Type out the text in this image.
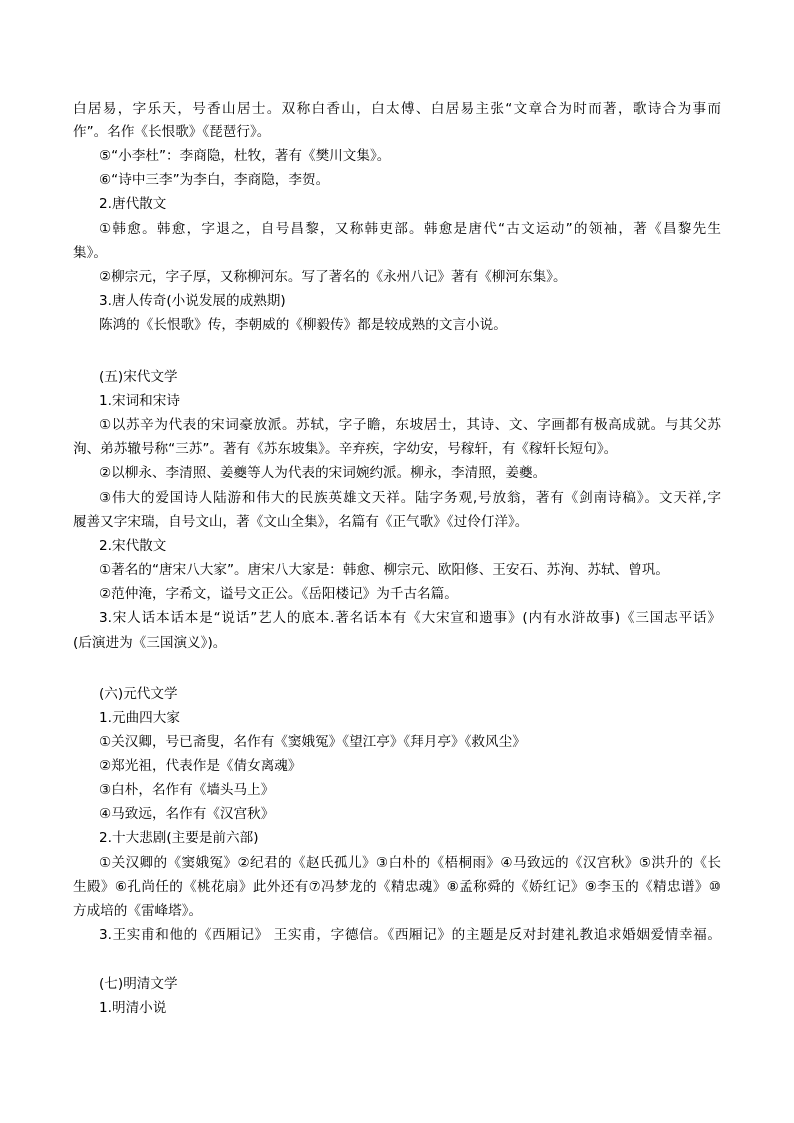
白居易，字乐天，号香山居士。双称白香山，白太傅、白居易主张“文章合为时而著，歌诗合为事而
作”。名作《长恨歌》《琵琶行》。
⑤“小李杜”：李商隐，杜牧，著有《樊川文集》。
⑥“诗中三李”为李白，李商隐，李贺。
2.唐代散文
①韩愈。韩愈，字退之，自号昌黎，又称韩吏部。韩愈是唐代“古文运动”的领袖，著《昌黎先生
集》。
②柳宗元，字子厚，又称柳河东。写了著名的《永州八记》著有《柳河东集》。
3.唐人传奇(小说发展的成熟期)
陈鸿的《长恨歌》传，李朝威的《柳毅传》都是较成熟的文言小说。
(五)宋代文学
1.宋词和宋诗
①以苏辛为代表的宋词豪放派。苏轼，字子瞻，东坡居士，其诗、文、字画都有极高成就。与其父苏
洵、弟苏辙号称“三苏”。著有《苏东坡集》。辛弃疾，字幼安，号稼轩，有《稼轩长短句》。
②以柳永、李清照、姜夔等人为代表的宋词婉约派。柳永，李清照，姜夔。
③伟大的爱国诗人陆游和伟大的民族英雄文天祥。陆字务观,号放翁，著有《剑南诗稿》。文天祥,字
履善又字宋瑞，自号文山，著《文山全集》，名篇有《正气歌》《过伶仃洋》。
2.宋代散文
①著名的“唐宋八大家”。唐宋八大家是：韩愈、柳宗元、欧阳修、王安石、苏洵、苏轼、曾巩。
②范仲淹，字希文，谥号文正公。《岳阳楼记》为千古名篇。
3.宋人话本话本是“说话”艺人的底本.著名话本有《大宋宣和遗事》(内有水浒故事)《三国志平话》
(后演进为《三国演义》)。
(六)元代文学
1.元曲四大家
①关汉卿，号已斋叟，名作有《窦娥冤》《望江亭》《拜月亭》《救风尘》
②郑光祖，代表作是《倩女离魂》
③白朴，名作有《墙头马上》
④马致远，名作有《汉宫秋》
2.十大悲剧(主要是前六部)
①关汉卿的《窦娥冤》②纪君的《赵氏孤儿》③白朴的《梧桐雨》④马致远的《汉宫秋》⑤洪升的《长
生殿》⑥孔尚任的《桃花扇》此外还有⑦冯梦龙的《精忠魂》⑧孟称舜的《娇红记》⑨李玉的《精忠谱》⑩
方成培的《雷峰塔》。
3.王实甫和他的《西厢记》 王实甫，字德信。《西厢记》的主题是反对封建礼教追求婚姻爱情幸福。
(七)明清文学
1.明清小说
